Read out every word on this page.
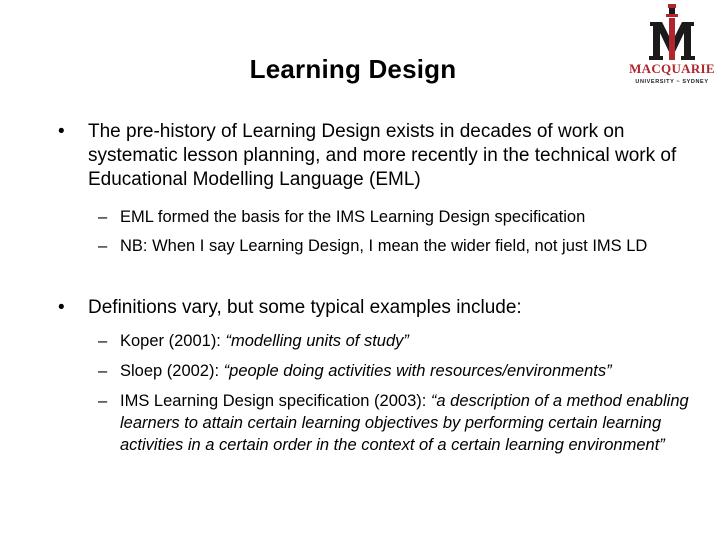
Learning Design	MACQUARIE
UNIVERSITY ~ SYDNEY
• The pre-history of Learning Design exists in decades of work on systematic lesson planning, and more recently in the technical work of Educational Modelling Language (EML)
– EML formed the basis for the IMS Learning Design specification
– NB: When I say Learning Design, I mean the wider field, not just IMS LD
• Definitions vary, but some typical examples include:
– Koper (2001): “modelling units of study”
– Sloep (2002): “people doing activities with resources/environments”
– IMS Learning Design specification (2003): “a description of a method enabling learners to attain certain learning objectives by performing certain learning activities in a certain order in the context of a certain learning environment”
